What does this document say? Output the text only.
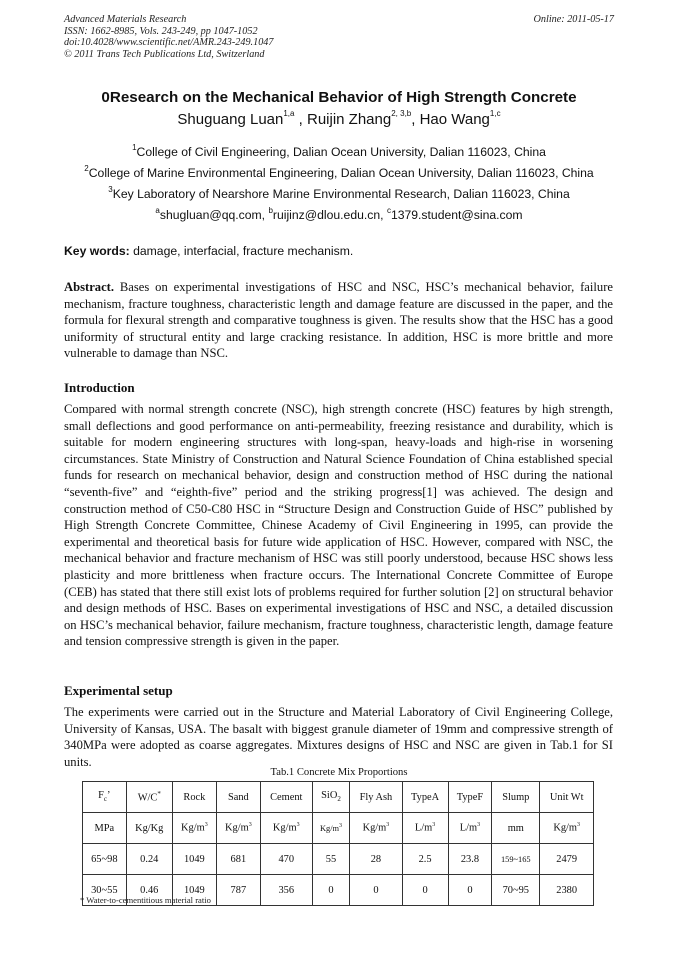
Advanced Materials Research
ISSN: 1662-8985, Vols. 243-249, pp 1047-1052
doi:10.4028/www.scientific.net/AMR.243-249.1047
© 2011 Trans Tech Publications Ltd, Switzerland
Online: 2011-05-17
0Research on the Mechanical Behavior of High Strength Concrete
Shuguang Luan$^{1,a}$ , Ruijin Zhang$^{2, 3,b}$, Hao Wang$^{1,c}$
$^1$College of Civil Engineering, Dalian Ocean University, Dalian 116023, China
$^2$College of Marine Environmental Engineering, Dalian Ocean University, Dalian 116023, China
$^3$Key Laboratory of Nearshore Marine Environmental Research, Dalian 116023, China
$^a$shugluan@qq.com, $^b$ruijinz@dlou.edu.cn, $^c$1379.student@sina.com
Key words: damage, interfacial, fracture mechanism.
Abstract. Bases on experimental investigations of HSC and NSC, HSC’s mechanical behavior, failure mechanism, fracture toughness, characteristic length and damage feature are discussed in the paper, and the formula for flexural strength and comparative toughness is given. The results show that the HSC has a good uniformity of structural entity and large cracking resistance. In addition, HSC is more brittle and more vulnerable to damage than NSC.
Introduction
Compared with normal strength concrete (NSC), high strength concrete (HSC) features by high strength, small deflections and good performance on anti-permeability, freezing resistance and durability, which is suitable for modern engineering structures with long-span, heavy-loads and high-rise in worsening circumstances. State Ministry of Construction and Natural Science Foundation of China established special funds for research on mechanical behavior, design and construction method of HSC during the national “seventh-five” and “eighth-five” period and the striking progress[1] was achieved. The design and construction method of C50-C80 HSC in “Structure Design and Construction Guide of HSC” published by High Strength Concrete Committee, Chinese Academy of Civil Engineering in 1995, can provide the experimental and theoretical basis for future wide application of HSC. However, compared with NSC, the mechanical behavior and fracture mechanism of HSC was still poorly understood, because HSC shows less plasticity and more brittleness when fracture occurs. The International Concrete Committee of Europe (CEB) has stated that there still exist lots of problems required for further solution [2] on structural behavior and design methods of HSC. Bases on experimental investigations of HSC and NSC, a detailed discussion on HSC’s mechanical behavior, failure mechanism, fracture toughness, characteristic length, damage feature and tension compressive strength is given in the paper.
Experimental setup
The experiments were carried out in the Structure and Material Laboratory of Civil Engineering College, University of Kansas, USA. The basalt with biggest granule diameter of 19mm and compressive strength of 340MPa were adopted as coarse aggregates. Mixtures designs of HSC and NSC are given in Tab.1 for SI units.
Tab.1 Concrete Mix Proportions
$F_c$’	W/C*	Rock	Sand	Cement	SiO$_2$	Fly Ash	TypeA	TypeF	Slump	Unit Wt
MPa	Kg/Kg	$Kg/m^3$	$Kg/m^3$	$Kg/m^3$	$Kg/m^3$	$Kg/m^3$	$L/m^3$	$L/m^3$	mm	$Kg/m^3$
65~98	0.24	1049	681	470	55	28	2.5	23.8	159~165	2479
30~55	0.46	1049	787	356	0	0	0	0	70~95	2380
* Water-to-cementitious material ratio
